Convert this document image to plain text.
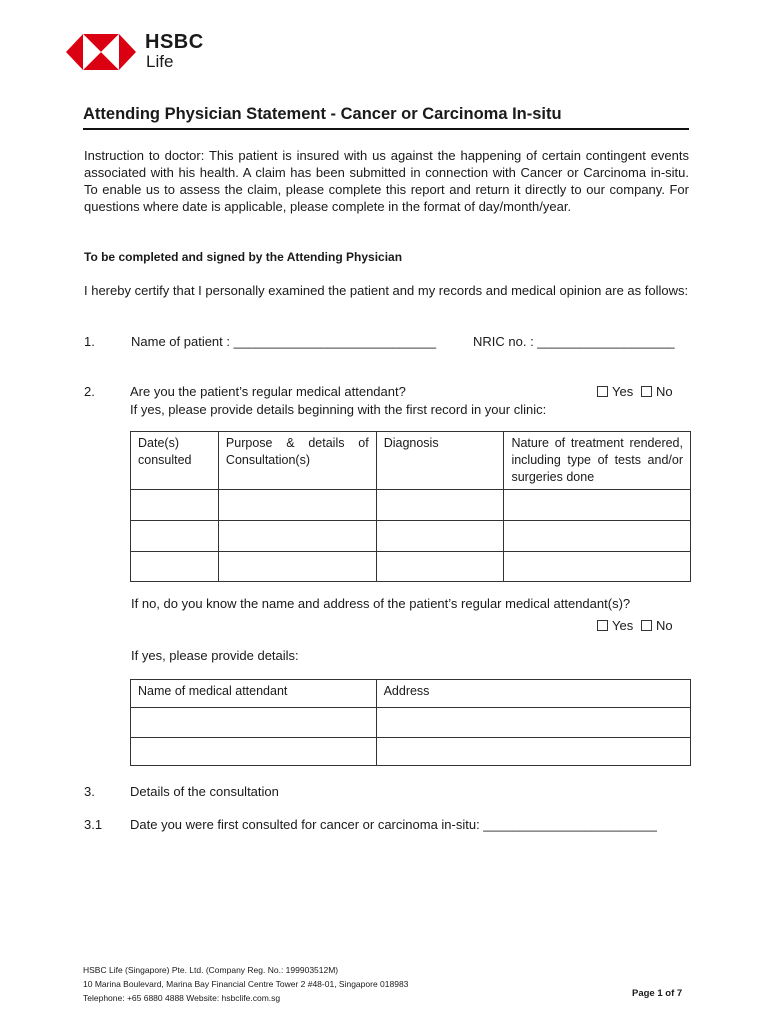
HSBC
Life
Attending Physician Statement - Cancer or Carcinoma In-situ
Instruction to doctor: This patient is insured with us against the happening of certain contingent events associated with his health. A claim has been submitted in connection with Cancer or Carcinoma in-situ. To enable us to assess the claim, please complete this report and return it directly to our company. For questions where date is applicable, please complete in the format of day/month/year.
To be completed and signed by the Attending Physician
I hereby certify that I personally examined the patient and my records and medical opinion are as follows:
1.	Name of patient : ____________________________	NRIC no. : ___________________
2.	Are you the patient’s regular medical attendant?	Yes	No
If yes, please provide details beginning with the first record in your clinic:
Date(s) consulted	Purpose & details of Consultation(s)	Diagnosis	Nature of treatment rendered, including type of tests and/or surgeries done

If no, do you know the name and address of the patient’s regular medical attendant(s)?
Yes	No
If yes, please provide details:
Name of medical attendant	Address

3.	Details of the consultation
3.1 Date you were first consulted for cancer or carcinoma in-situ: ________________________
HSBC Life (Singapore) Pte. Ltd. (Company Reg. No.: 199903512M)
10 Marina Boulevard, Marina Bay Financial Centre Tower 2 #48-01, Singapore 018983
Telephone: +65 6880 4888 Website: hsbclife.com.sg	Page 1 of 7
